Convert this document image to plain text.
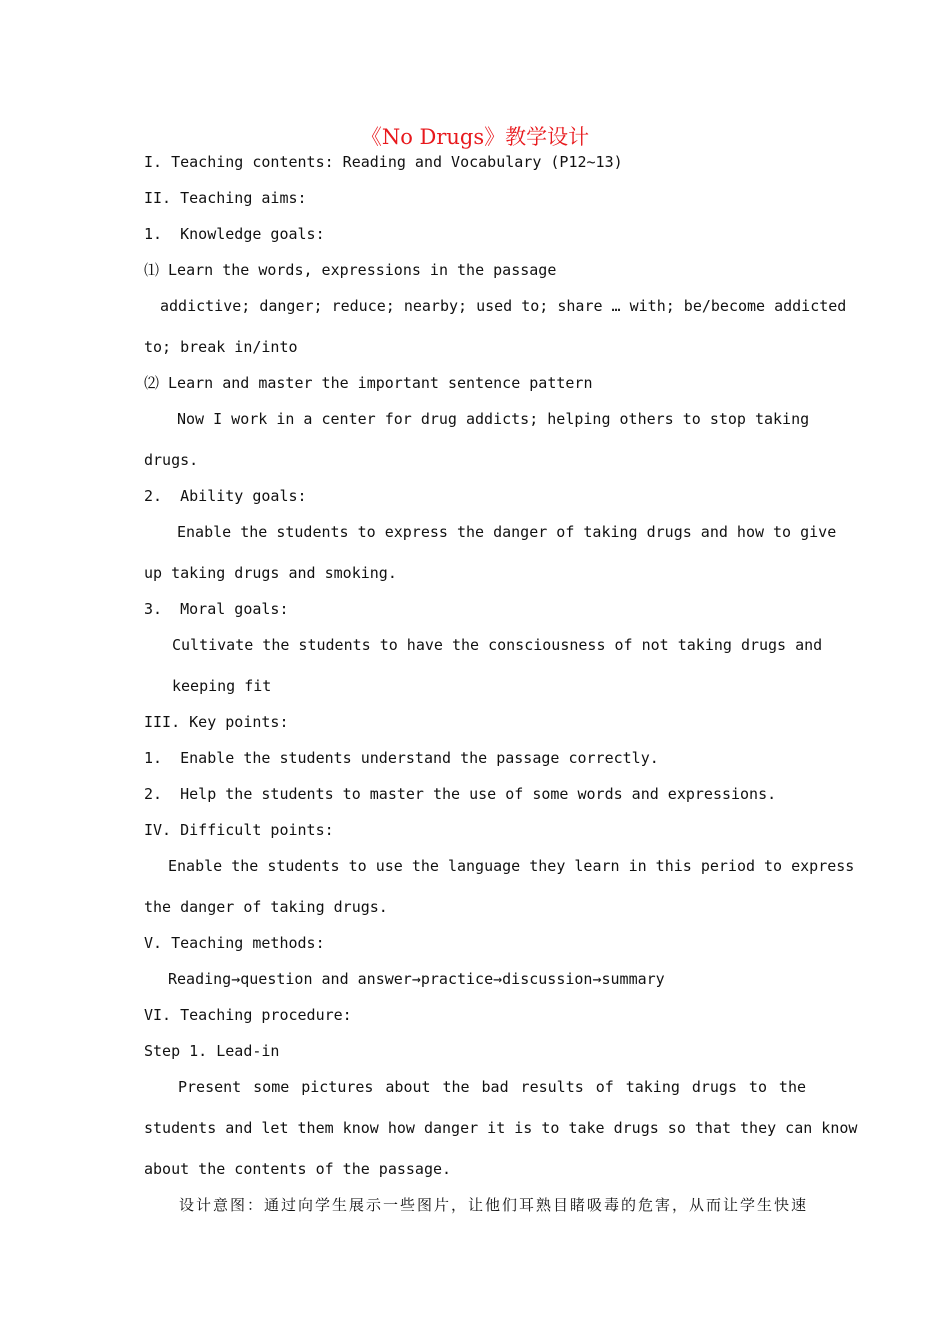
《No Drugs》教学设计
I. Teaching contents: Reading and Vocabulary (P12~13)
II. Teaching aims:
1.  Knowledge goals:
⑴ Learn the words, expressions in the passage
addictive; danger; reduce; nearby; used to; share … with; be/become addicted
to; break in/into
⑵ Learn and master the important sentence pattern
Now I work in a center for drug addicts; helping others to stop taking
drugs.
2.  Ability goals:
Enable the students to express the danger of taking drugs and how to give
up taking drugs and smoking.
3.  Moral goals:
Cultivate the students to have the consciousness of not taking drugs and
keeping fit
III. Key points:
1.  Enable the students understand the passage correctly.
2.  Help the students to master the use of some words and expressions.
IV. Difficult points:
Enable the students to use the language they learn in this period to express
the danger of taking drugs.
V. Teaching methods:
Reading→question and answer→practice→discussion→summary
VI. Teaching procedure:
Step 1. Lead-in
Present some pictures about the bad results of taking drugs to the
students and let them know how danger it is to take drugs so that they can know
about the contents of the passage.
设计意图：通过向学生展示一些图片，让他们耳熟目睹吸毒的危害，从而让学生快速
